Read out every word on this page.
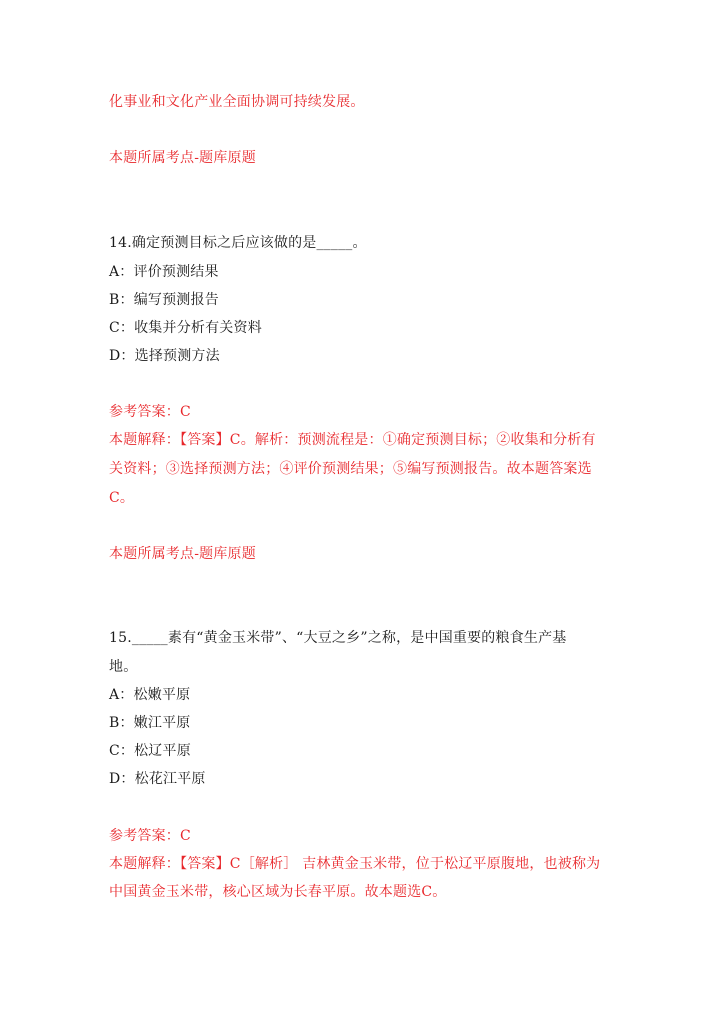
化事业和文化产业全面协调可持续发展。
本题所属考点-题库原题
14.确定预测目标之后应该做的是_____。
A：评价预测结果
B：编写预测报告
C：收集并分析有关资料
D：选择预测方法
参考答案：C
本题解释：【答案】C。解析：预测流程是：①确定预测目标；②收集和分析有
关资料；③选择预测方法；④评价预测结果；⑤编写预测报告。故本题答案选
C。
本题所属考点-题库原题
15._____素有“黄金玉米带”、“大豆之乡”之称，是中国重要的粮食生产基
地。
A：松嫩平原
B：嫩江平原
C：松辽平原
D：松花江平原
参考答案：C
本题解释：【答案】C［解析］ 吉林黄金玉米带，位于松辽平原腹地，也被称为
中国黄金玉米带，核心区域为长春平原。故本题选C。
